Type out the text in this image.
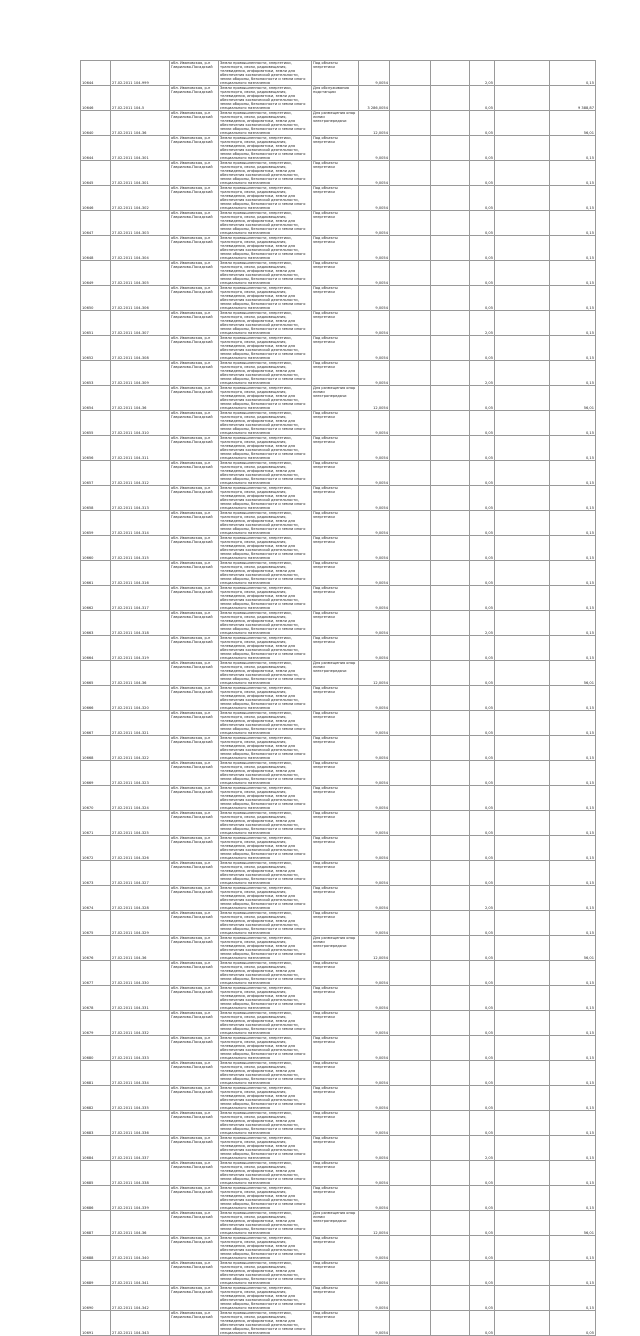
10644	27.02.2011 104-999	обл. Ивановская, р-н Гаврилово-Посадский	Земли промышленности, энергетики, транспорта, связи, радиовещания, телевидения, информатики, земли для обеспечения космической деятельности, земли обороны, безопасности и земли иного специального назначения	Под объекты энергетики	9,0054			2,05		0,15
10646	27.02.2011 104-5	обл. Ивановская, р-н Гаврилово-Посадский	Земли промышленности, энергетики, транспорта, связи, радиовещания, телевидения, информатики, земли для обеспечения космической деятельности, земли обороны, безопасности и земли иного специального назначения	Для обслуживания подстанции	3 286,0054			0,05		9 388,87
10640	27.02.2011 104-36	обл. Ивановская, р-н Гаврилово-Посадский	Земли промышленности, энергетики, транспорта, связи, радиовещания, телевидения, информатики, земли для обеспечения космической деятельности, земли обороны, безопасности и земли иного специального назначения	Для размещения опор линии электропередачи	12,0054			0,05		56,01
10644	27.02.2011 104-301	обл. Ивановская, р-н Гаврилово-Посадский	Земли промышленности, энергетики, транспорта, связи, радиовещания, телевидения, информатики, земли для обеспечения космической деятельности, земли обороны, безопасности и земли иного специального назначения	Под объекты энергетики	9,0054			0,05		0,15
10645	27.02.2011 104-301	обл. Ивановская, р-н Гаврилово-Посадский	Земли промышленности, энергетики, транспорта, связи, радиовещания, телевидения, информатики, земли для обеспечения космической деятельности, земли обороны, безопасности и земли иного специального назначения	Под объекты энергетики	9,0054			0,05		0,15
10646	27.02.2011 104-302	обл. Ивановская, р-н Гаврилово-Посадский	Земли промышленности, энергетики, транспорта, связи, радиовещания, телевидения, информатики, земли для обеспечения космической деятельности, земли обороны, безопасности и земли иного специального назначения	Под объекты энергетики	9,0054			0,05		0,15
10647	27.02.2011 104-303	обл. Ивановская, р-н Гаврилово-Посадский	Земли промышленности, энергетики, транспорта, связи, радиовещания, телевидения, информатики, земли для обеспечения космической деятельности, земли обороны, безопасности и земли иного специального назначения	Под объекты энергетики	9,0054			0,05		0,15
10648	27.02.2011 104-304	обл. Ивановская, р-н Гаврилово-Посадский	Земли промышленности, энергетики, транспорта, связи, радиовещания, телевидения, информатики, земли для обеспечения космической деятельности, земли обороны, безопасности и земли иного специального назначения	Под объекты энергетики	9,0054			0,05		0,15
10649	27.02.2011 104-305	обл. Ивановская, р-н Гаврилово-Посадский	Земли промышленности, энергетики, транспорта, связи, радиовещания, телевидения, информатики, земли для обеспечения космической деятельности, земли обороны, безопасности и земли иного специального назначения	Под объекты энергетики	9,0054			0,05		0,15
10650	27.02.2011 104-306	обл. Ивановская, р-н Гаврилово-Посадский	Земли промышленности, энергетики, транспорта, связи, радиовещания, телевидения, информатики, земли для обеспечения космической деятельности, земли обороны, безопасности и земли иного специального назначения	Под объекты энергетики	9,0054			0,05		0,15
10651	27.02.2011 104-307	обл. Ивановская, р-н Гаврилово-Посадский	Земли промышленности, энергетики, транспорта, связи, радиовещания, телевидения, информатики, земли для обеспечения космической деятельности, земли обороны, безопасности и земли иного специального назначения	Под объекты энергетики	9,0054			2,05		0,15
10652	27.02.2011 104-308	обл. Ивановская, р-н Гаврилово-Посадский	Земли промышленности, энергетики, транспорта, связи, радиовещания, телевидения, информатики, земли для обеспечения космической деятельности, земли обороны, безопасности и земли иного специального назначения	Под объекты энергетики	9,0054			0,05		0,15
10653	27.02.2011 104-309	обл. Ивановская, р-н Гаврилово-Посадский	Земли промышленности, энергетики, транспорта, связи, радиовещания, телевидения, информатики, земли для обеспечения космической деятельности, земли обороны, безопасности и земли иного специального назначения	Под объекты энергетики	9,0054			2,05		0,15
10654	27.02.2011 104-36	обл. Ивановская, р-н Гаврилово-Посадский	Земли промышленности, энергетики, транспорта, связи, радиовещания, телевидения, информатики, земли для обеспечения космической деятельности, земли обороны, безопасности и земли иного специального назначения	Для размещения опор линии электропередачи	12,0054			0,05		56,01
10655	27.02.2011 104-310	обл. Ивановская, р-н Гаврилово-Посадский	Земли промышленности, энергетики, транспорта, связи, радиовещания, телевидения, информатики, земли для обеспечения космической деятельности, земли обороны, безопасности и земли иного специального назначения	Под объекты энергетики	9,0054			0,05		0,15
10656	27.02.2011 104-311	обл. Ивановская, р-н Гаврилово-Посадский	Земли промышленности, энергетики, транспорта, связи, радиовещания, телевидения, информатики, земли для обеспечения космической деятельности, земли обороны, безопасности и земли иного специального назначения	Под объекты энергетики	9,0054			0,05		0,15
10657	27.02.2011 104-312	обл. Ивановская, р-н Гаврилово-Посадский	Земли промышленности, энергетики, транспорта, связи, радиовещания, телевидения, информатики, земли для обеспечения космической деятельности, земли обороны, безопасности и земли иного специального назначения	Под объекты энергетики	9,0054			0,05		0,15
10658	27.02.2011 104-313	обл. Ивановская, р-н Гаврилово-Посадский	Земли промышленности, энергетики, транспорта, связи, радиовещания, телевидения, информатики, земли для обеспечения космической деятельности, земли обороны, безопасности и земли иного специального назначения	Под объекты энергетики	9,0054			0,05		0,15
10659	27.02.2011 104-314	обл. Ивановская, р-н Гаврилово-Посадский	Земли промышленности, энергетики, транспорта, связи, радиовещания, телевидения, информатики, земли для обеспечения космической деятельности, земли обороны, безопасности и земли иного специального назначения	Под объекты энергетики	9,0054			0,05		0,15
10660	27.02.2011 104-315	обл. Ивановская, р-н Гаврилово-Посадский	Земли промышленности, энергетики, транспорта, связи, радиовещания, телевидения, информатики, земли для обеспечения космической деятельности, земли обороны, безопасности и земли иного специального назначения	Под объекты энергетики	9,0054			0,05		0,15
10661	27.02.2011 104-316	обл. Ивановская, р-н Гаврилово-Посадский	Земли промышленности, энергетики, транспорта, связи, радиовещания, телевидения, информатики, земли для обеспечения космической деятельности, земли обороны, безопасности и земли иного специального назначения	Под объекты энергетики	9,0054			0,05		0,15
10662	27.02.2011 104-317	обл. Ивановская, р-н Гаврилово-Посадский	Земли промышленности, энергетики, транспорта, связи, радиовещания, телевидения, информатики, земли для обеспечения космической деятельности, земли обороны, безопасности и земли иного специального назначения	Под объекты энергетики	9,0054			0,05		0,15
10663	27.02.2011 104-318	обл. Ивановская, р-н Гаврилово-Посадский	Земли промышленности, энергетики, транспорта, связи, радиовещания, телевидения, информатики, земли для обеспечения космической деятельности, земли обороны, безопасности и земли иного специального назначения	Под объекты энергетики	9,0054			2,05		0,15
10664	27.02.2011 104-319	обл. Ивановская, р-н Гаврилово-Посадский	Земли промышленности, энергетики, транспорта, связи, радиовещания, телевидения, информатики, земли для обеспечения космической деятельности, земли обороны, безопасности и земли иного специального назначения	Под объекты энергетики	9,0054			0,05		0,15
10665	27.02.2011 104-36	обл. Ивановская, р-н Гаврилово-Посадский	Земли промышленности, энергетики, транспорта, связи, радиовещания, телевидения, информатики, земли для обеспечения космической деятельности, земли обороны, безопасности и земли иного специального назначения	Для размещения опор линии электропередачи	12,0054			0,05		56,01
10666	27.02.2011 104-320	обл. Ивановская, р-н Гаврилово-Посадский	Земли промышленности, энергетики, транспорта, связи, радиовещания, телевидения, информатики, земли для обеспечения космической деятельности, земли обороны, безопасности и земли иного специального назначения	Под объекты энергетики	9,0054			0,05		0,15
10667	27.02.2011 104-321	обл. Ивановская, р-н Гаврилово-Посадский	Земли промышленности, энергетики, транспорта, связи, радиовещания, телевидения, информатики, земли для обеспечения космической деятельности, земли обороны, безопасности и земли иного специального назначения	Под объекты энергетики	9,0054			0,05		0,15
10668	27.02.2011 104-322	обл. Ивановская, р-н Гаврилово-Посадский	Земли промышленности, энергетики, транспорта, связи, радиовещания, телевидения, информатики, земли для обеспечения космической деятельности, земли обороны, безопасности и земли иного специального назначения	Под объекты энергетики	9,0054			0,05		0,15
10669	27.02.2011 104-323	обл. Ивановская, р-н Гаврилово-Посадский	Земли промышленности, энергетики, транспорта, связи, радиовещания, телевидения, информатики, земли для обеспечения космической деятельности, земли обороны, безопасности и земли иного специального назначения	Под объекты энергетики	9,0054			0,05		0,15
10670	27.02.2011 104-324	обл. Ивановская, р-н Гаврилово-Посадский	Земли промышленности, энергетики, транспорта, связи, радиовещания, телевидения, информатики, земли для обеспечения космической деятельности, земли обороны, безопасности и земли иного специального назначения	Под объекты энергетики	9,0054			0,05		0,15
10671	27.02.2011 104-325	обл. Ивановская, р-н Гаврилово-Посадский	Земли промышленности, энергетики, транспорта, связи, радиовещания, телевидения, информатики, земли для обеспечения космической деятельности, земли обороны, безопасности и земли иного специального назначения	Под объекты энергетики	9,0054			0,05		0,15
10672	27.02.2011 104-326	обл. Ивановская, р-н Гаврилово-Посадский	Земли промышленности, энергетики, транспорта, связи, радиовещания, телевидения, информатики, земли для обеспечения космической деятельности, земли обороны, безопасности и земли иного специального назначения	Под объекты энергетики	9,0054			0,05		0,15
10673	27.02.2011 104-327	обл. Ивановская, р-н Гаврилово-Посадский	Земли промышленности, энергетики, транспорта, связи, радиовещания, телевидения, информатики, земли для обеспечения космической деятельности, земли обороны, безопасности и земли иного специального назначения	Под объекты энергетики	9,0054			0,05		0,15
10674	27.02.2011 104-328	обл. Ивановская, р-н Гаврилово-Посадский	Земли промышленности, энергетики, транспорта, связи, радиовещания, телевидения, информатики, земли для обеспечения космической деятельности, земли обороны, безопасности и земли иного специального назначения	Под объекты энергетики	9,0054			2,05		0,15
10675	27.02.2011 104-329	обл. Ивановская, р-н Гаврилово-Посадский	Земли промышленности, энергетики, транспорта, связи, радиовещания, телевидения, информатики, земли для обеспечения космической деятельности, земли обороны, безопасности и земли иного специального назначения	Под объекты энергетики	9,0054			0,05		0,15
10676	27.02.2011 104-36	обл. Ивановская, р-н Гаврилово-Посадский	Земли промышленности, энергетики, транспорта, связи, радиовещания, телевидения, информатики, земли для обеспечения космической деятельности, земли обороны, безопасности и земли иного специального назначения	Для размещения опор линии электропередачи	12,0054			0,05		56,01
10677	27.02.2011 104-330	обл. Ивановская, р-н Гаврилово-Посадский	Земли промышленности, энергетики, транспорта, связи, радиовещания, телевидения, информатики, земли для обеспечения космической деятельности, земли обороны, безопасности и земли иного специального назначения	Под объекты энергетики	9,0054			0,05		0,15
10678	27.02.2011 104-331	обл. Ивановская, р-н Гаврилово-Посадский	Земли промышленности, энергетики, транспорта, связи, радиовещания, телевидения, информатики, земли для обеспечения космической деятельности, земли обороны, безопасности и земли иного специального назначения	Под объекты энергетики	9,0054			0,05		0,15
10679	27.02.2011 104-332	обл. Ивановская, р-н Гаврилово-Посадский	Земли промышленности, энергетики, транспорта, связи, радиовещания, телевидения, информатики, земли для обеспечения космической деятельности, земли обороны, безопасности и земли иного специального назначения	Под объекты энергетики	9,0054			0,05		0,15
10680	27.02.2011 104-333	обл. Ивановская, р-н Гаврилово-Посадский	Земли промышленности, энергетики, транспорта, связи, радиовещания, телевидения, информатики, земли для обеспечения космической деятельности, земли обороны, безопасности и земли иного специального назначения	Под объекты энергетики	9,0054			0,05		0,15
10681	27.02.2011 104-334	обл. Ивановская, р-н Гаврилово-Посадский	Земли промышленности, энергетики, транспорта, связи, радиовещания, телевидения, информатики, земли для обеспечения космической деятельности, земли обороны, безопасности и земли иного специального назначения	Под объекты энергетики	9,0054			0,05		0,15
10682	27.02.2011 104-335	обл. Ивановская, р-н Гаврилово-Посадский	Земли промышленности, энергетики, транспорта, связи, радиовещания, телевидения, информатики, земли для обеспечения космической деятельности, земли обороны, безопасности и земли иного специального назначения	Под объекты энергетики	9,0054			0,05		0,15
10683	27.02.2011 104-336	обл. Ивановская, р-н Гаврилово-Посадский	Земли промышленности, энергетики, транспорта, связи, радиовещания, телевидения, информатики, земли для обеспечения космической деятельности, земли обороны, безопасности и земли иного специального назначения	Под объекты энергетики	9,0054			0,05		0,15
10684	27.02.2011 104-337	обл. Ивановская, р-н Гаврилово-Посадский	Земли промышленности, энергетики, транспорта, связи, радиовещания, телевидения, информатики, земли для обеспечения космической деятельности, земли обороны, безопасности и земли иного специального назначения	Под объекты энергетики	9,0054			2,05		0,15
10685	27.02.2011 104-338	обл. Ивановская, р-н Гаврилово-Посадский	Земли промышленности, энергетики, транспорта, связи, радиовещания, телевидения, информатики, земли для обеспечения космической деятельности, земли обороны, безопасности и земли иного специального назначения	Под объекты энергетики	9,0054			0,05		0,15
10686	27.02.2011 104-339	обл. Ивановская, р-н Гаврилово-Посадский	Земли промышленности, энергетики, транспорта, связи, радиовещания, телевидения, информатики, земли для обеспечения космической деятельности, земли обороны, безопасности и земли иного специального назначения	Под объекты энергетики	9,0054			0,05		0,15
10687	27.02.2011 104-36	обл. Ивановская, р-н Гаврилово-Посадский	Земли промышленности, энергетики, транспорта, связи, радиовещания, телевидения, информатики, земли для обеспечения космической деятельности, земли обороны, безопасности и земли иного специального назначения	Для размещения опор линии электропередачи	12,0054			0,05		56,01
10688	27.02.2011 104-340	обл. Ивановская, р-н Гаврилово-Посадский	Земли промышленности, энергетики, транспорта, связи, радиовещания, телевидения, информатики, земли для обеспечения космической деятельности, земли обороны, безопасности и земли иного специального назначения	Под объекты энергетики	9,0054			0,05		0,15
10689	27.02.2011 104-341	обл. Ивановская, р-н Гаврилово-Посадский	Земли промышленности, энергетики, транспорта, связи, радиовещания, телевидения, информатики, земли для обеспечения космической деятельности, земли обороны, безопасности и земли иного специального назначения	Под объекты энергетики	9,0054			0,05		0,15
10690	27.02.2011 104-342	обл. Ивановская, р-н Гаврилово-Посадский	Земли промышленности, энергетики, транспорта, связи, радиовещания, телевидения, информатики, земли для обеспечения космической деятельности, земли обороны, безопасности и земли иного специального назначения	Под объекты энергетики	9,0054			0,05		0,15
10691	27.02.2011 104-343	обл. Ивановская, р-н Гаврилово-Посадский	Земли промышленности, энергетики, транспорта, связи, радиовещания, телевидения, информатики, земли для обеспечения космической деятельности, земли обороны, безопасности и земли иного специального назначения	Под объекты энергетики	9,0054			0,05		0,05
